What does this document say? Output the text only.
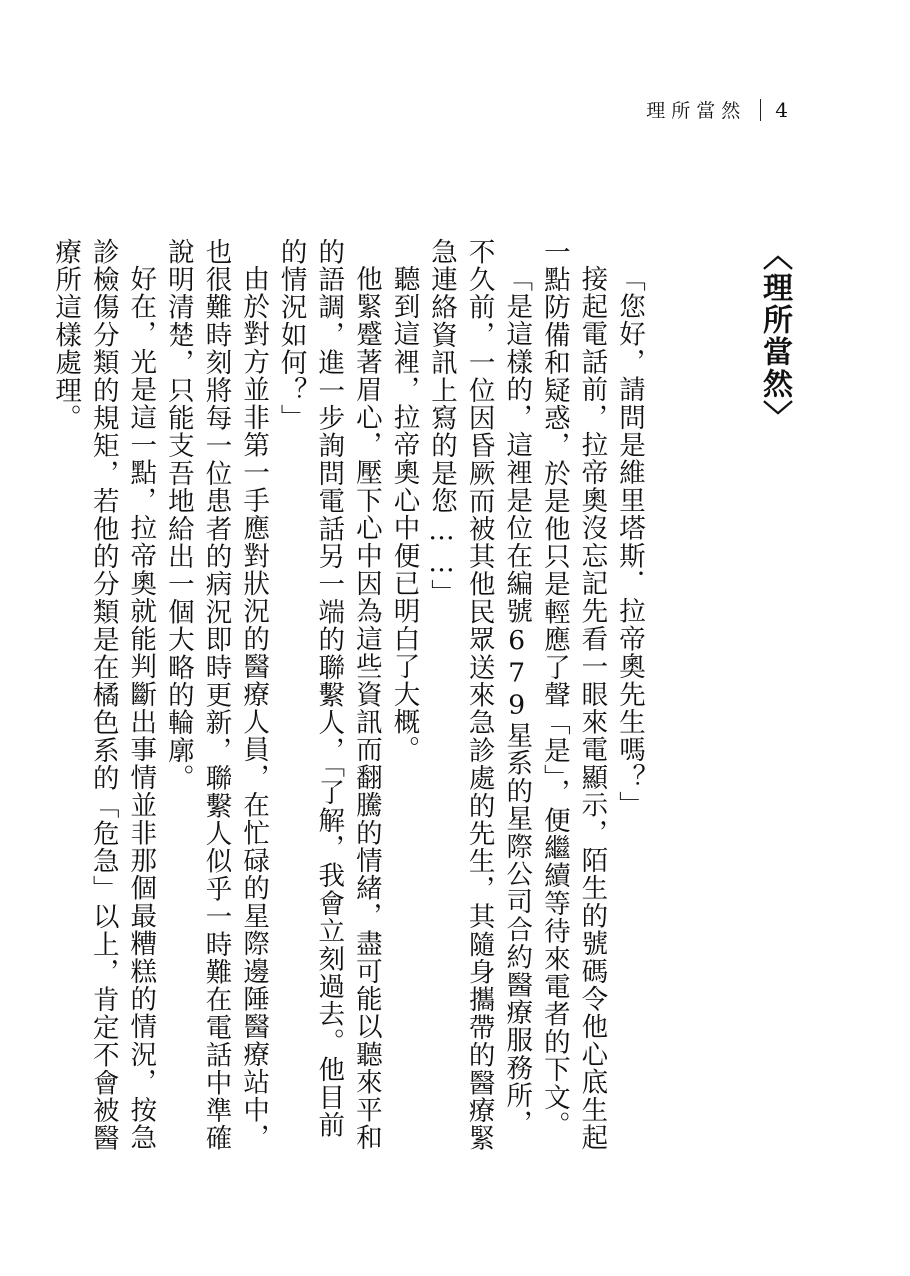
理所當然 4
〈理所當然〉

「您好，請問是維里塔斯．拉帝奧先生嗎？」

接起電話前，拉帝奧沒忘記先看一眼來電顯示，陌生的號碼令他心底生起一點防備和疑惑，於是他只是輕應了聲「是」，便繼續等待來電者的下文。

「是這樣的，這裡是位在編號679星系的星際公司合約醫療服務所，不久前，一位因昏厥而被其他民眾送來急診處的先生，其隨身攜帶的醫療緊急連絡資訊上寫的是您……」

聽到這裡，拉帝奧心中便已明白了大概。

他緊蹙著眉心，壓下心中因為這些資訊而翻騰的情緒，盡可能以聽來平和的語調，進一步詢問電話另一端的聯繫人，「了解，我會立刻過去。他目前的情況如何？」

由於對方並非第一手應對狀況的醫療人員，在忙碌的星際邊陲醫療站中，也很難時刻將每一位患者的病況即時更新，聯繫人似乎一時難在電話中準確說明清楚，只能支吾地給出一個大略的輪廓。

好在，光是這一點，拉帝奧就能判斷出事情並非那個最糟糕的情況，按急診檢傷分類的規矩，若他的分類是在橘色系的「危急」以上，肯定不會被醫療所這樣處理。
